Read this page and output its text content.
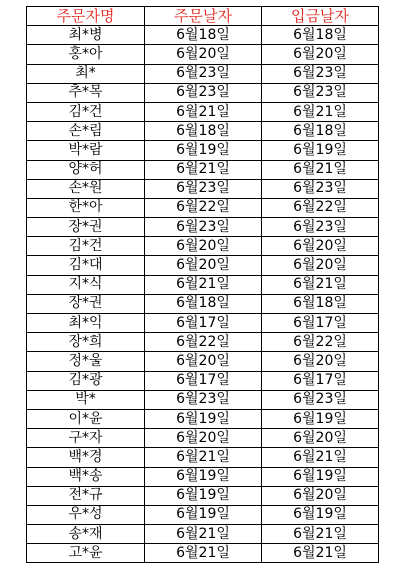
주문자명	주문날자	입금날자
최*병	6월18일	6월18일
홍*아	6월20일	6월20일
최*	6월23일	6월23일
추*목	6월23일	6월23일
김*건	6월21일	6월21일
손*림	6월18일	6월18일
박*람	6월19일	6월19일
양*허	6월21일	6월21일
손*원	6월23일	6월23일
한*아	6월22일	6월22일
장*권	6월23일	6월23일
김*건	6월20일	6월20일
김*대	6월20일	6월20일
지*식	6월21일	6월21일
장*권	6월18일	6월18일
최*익	6월17일	6월17일
장*희	6월22일	6월22일
정*울	6월20일	6월20일
김*광	6월17일	6월17일
박*	6월23일	6월23일
이*윤	6월19일	6월19일
구*자	6월20일	6월20일
백*경	6월21일	6월21일
백*송	6월19일	6월19일
전*규	6월19일	6월20일
우*성	6월19일	6월19일
송*재	6월21일	6월21일
고*윤	6월21일	6월21일
